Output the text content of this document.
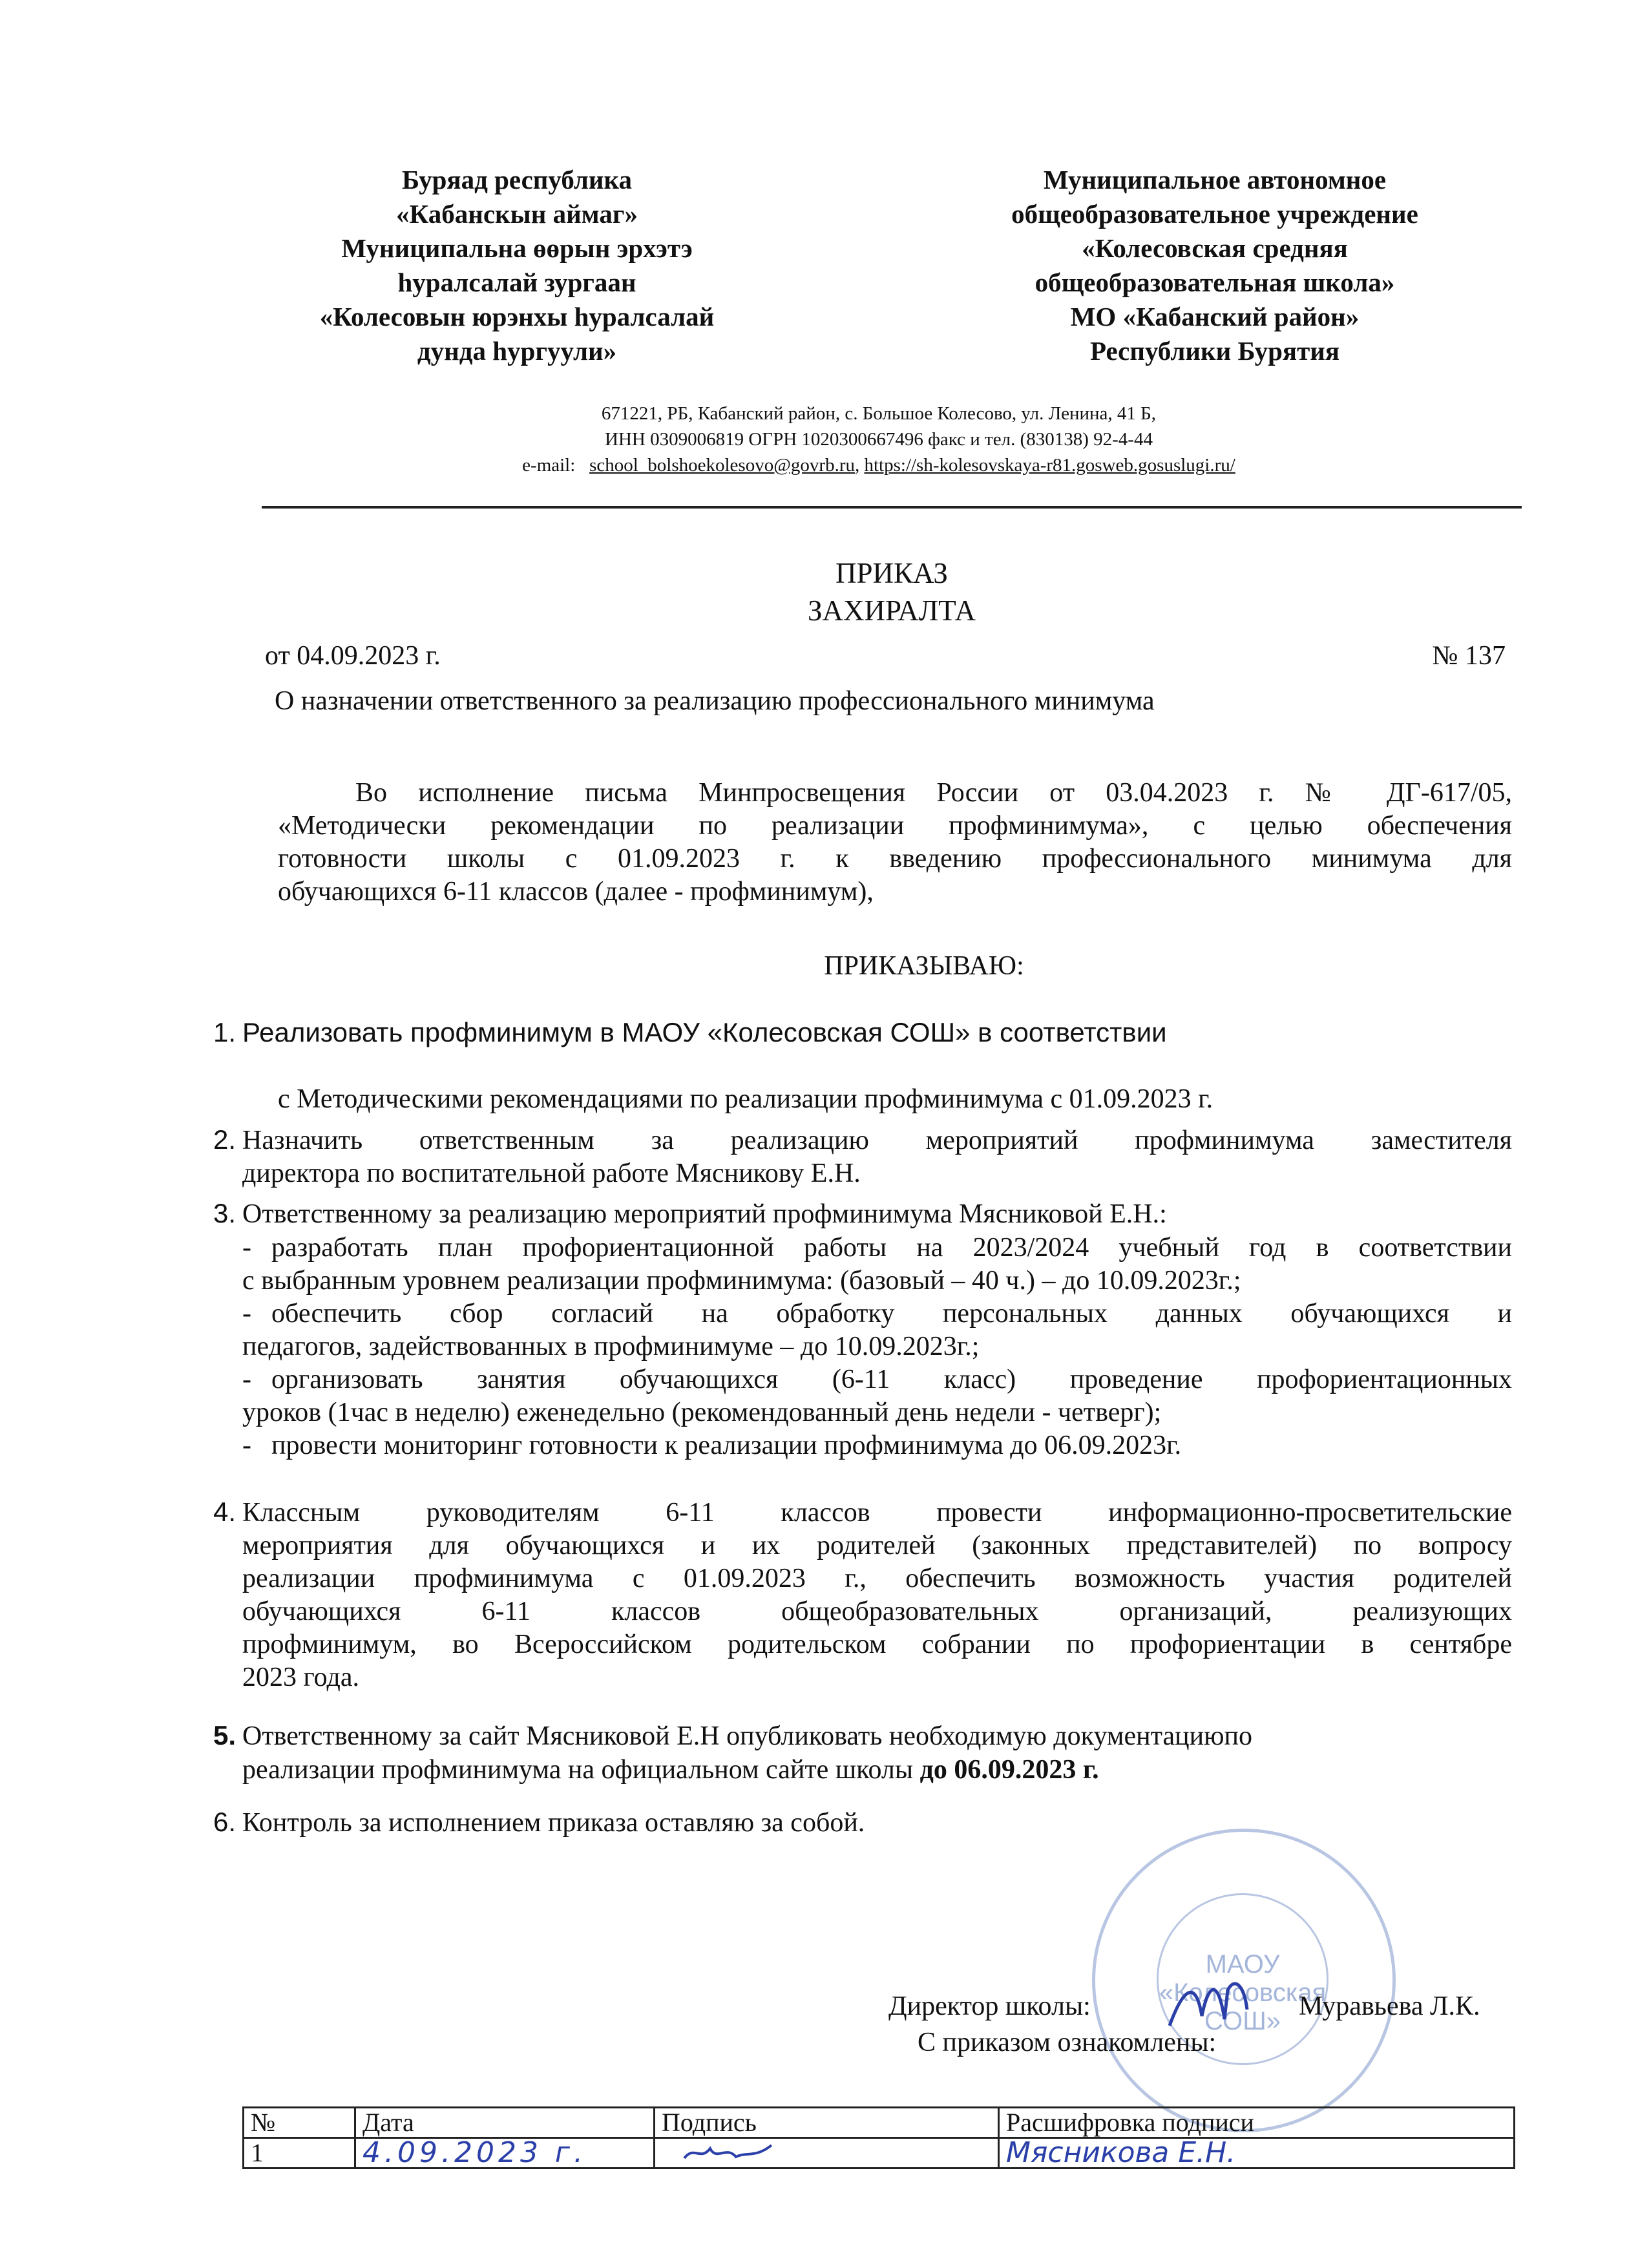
Буряад республика
«Кабанскын аймаг»
Муниципальна өөрын эрхэтэ
һуралсалай зургаан
«Колесовын юрэнхы һуралсалай
дунда һургуули»
Муниципальное автономное
общеобразовательное учреждение
«Колесовская средняя
общеобразовательная школа»
МО «Кабанский район»
Республики Бурятия
671221, РБ, Кабанский район, с. Большое Колесово, ул. Ленина, 41 Б,
ИНН 0309006819 ОГРН 1020300667496 факс и тел. (830138) 92-4-44
e-mail: school_bolshoekolesovo@govrb.ru, https://sh-kolesovskaya-r81.gosweb.gosuslugi.ru/
ПРИКАЗ
ЗАХИРАЛТА
от 04.09.2023 г.	№ 137
О назначении ответственного за реализацию профессионального минимума
Во исполнение письма Минпросвещения России от 03.04.2023 г. № ДГ-617/05,
«Методически рекомендации по реализации профминимума», с целью обеспечения
готовности школы с 01.09.2023 г. к введению профессионального минимума для
обучающихся 6-11 классов (далее - профминимум),
ПРИКАЗЫВАЮ:
1. Реализовать профминимум в МАОУ «Колесовская СОШ» в соответствии
с Методическими рекомендациями по реализации профминимума с 01.09.2023 г.
2. Назначить ответственным за реализацию мероприятий профминимума заместителя
директора по воспитательной работе Мясникову Е.Н.
3. Ответственному за реализацию мероприятий профминимума Мясниковой Е.Н.:
- разработать план профориентационной работы на 2023/2024 учебный год в соответствии
с выбранным уровнем реализации профминимума: (базовый – 40 ч.) – до 10.09.2023г.;
- обеспечить сбор согласий на обработку персональных данных обучающихся и
педагогов, задействованных в профминимуме – до 10.09.2023г.;
- организовать занятия обучающихся (6-11 класс) проведение профориентационных
уроков (1час в неделю) еженедельно (рекомендованный день недели - четверг);
- провести мониторинг готовности к реализации профминимума до 06.09.2023г.
4. Классным руководителям 6-11 классов провести информационно-просветительские
мероприятия для обучающихся и их родителей (законных представителей) по вопросу
реализации профминимума с 01.09.2023 г., обеспечить возможность участия родителей
обучающихся 6-11 классов общеобразовательных организаций, реализующих
профминимум, во Всероссийском родительском собрании по профориентации в сентябре
2023 года.
5. Ответственному за сайт Мясниковой Е.Н опубликовать необходимую документациюпо
реализации профминимума на официальном сайте школы до 06.09.2023 г.
6. Контроль за исполнением приказа оставляю за собой.
МАОУ
«Колесовская
СОШ»
Директор школы:	Муравьева Л.К.
С приказом ознакомлены:
№	Дата	Подпись	Расшифровка подписи
1	4.09.2023 г.		Мясникова Е.Н.
